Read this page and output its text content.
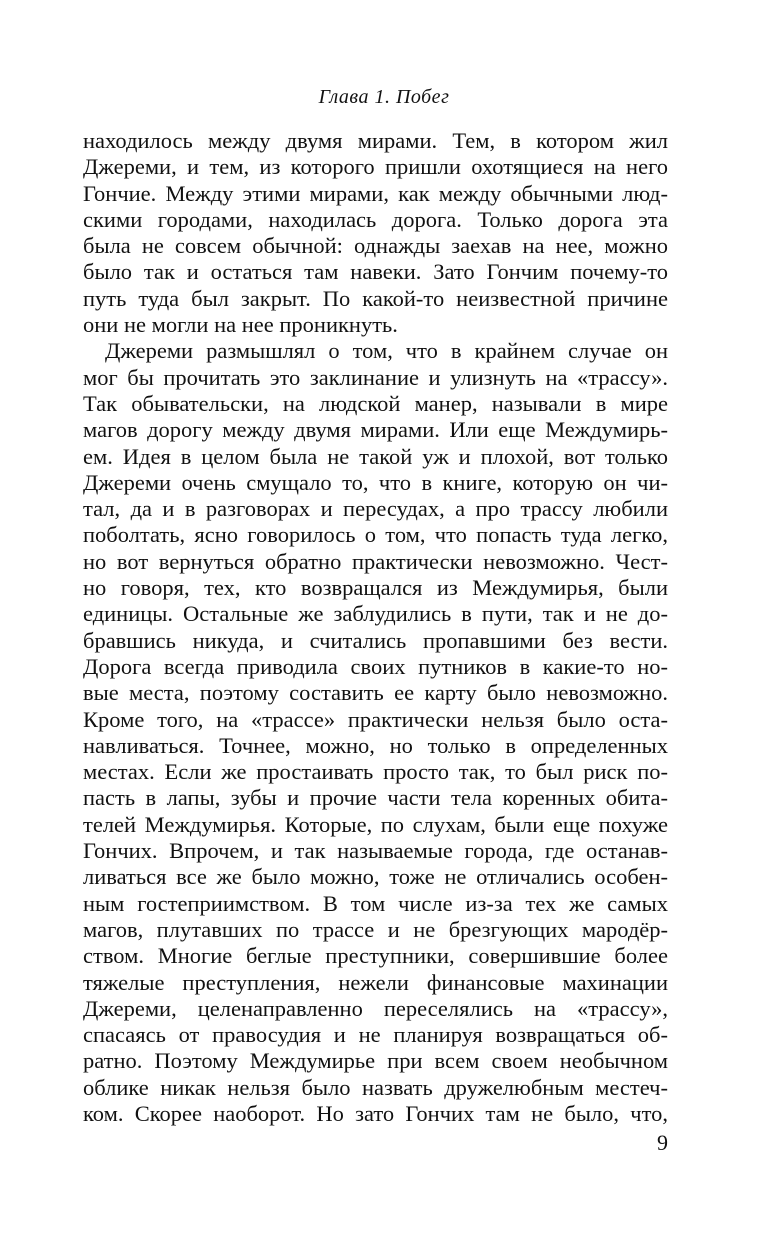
Глава 1. Побег
находилось между двумя мирами. Тем, в котором жил
Джереми, и тем, из которого пришли охотящиеся на него
Гончие. Между этими мирами, как между обычными люд-
скими городами, находилась дорога. Только дорога эта
была не совсем обычной: однажды заехав на нее, можно
было так и остаться там навеки. Зато Гончим почему-то
путь туда был закрыт. По какой-то неизвестной причине
они не могли на нее проникнуть.
Джереми размышлял о том, что в крайнем случае он
мог бы прочитать это заклинание и улизнуть на «трассу».
Так обывательски, на людской манер, называли в мире
магов дорогу между двумя мирами. Или еще Междумирь-
ем. Идея в целом была не такой уж и плохой, вот только
Джереми очень смущало то, что в книге, которую он чи-
тал, да и в разговорах и пересудах, а про трассу любили
поболтать, ясно говорилось о том, что попасть туда легко,
но вот вернуться обратно практически невозможно. Чест-
но говоря, тех, кто возвращался из Междумирья, были
единицы. Остальные же заблудились в пути, так и не до-
бравшись никуда, и считались пропавшими без вести.
Дорога всегда приводила своих путников в какие-то но-
вые места, поэтому составить ее карту было невозможно.
Кроме того, на «трассе» практически нельзя было оста-
навливаться. Точнее, можно, но только в определенных
местах. Если же простаивать просто так, то был риск по-
пасть в лапы, зубы и прочие части тела коренных обита-
телей Междумирья. Которые, по слухам, были еще похуже
Гончих. Впрочем, и так называемые города, где останав-
ливаться все же было можно, тоже не отличались особен-
ным гостеприимством. В том числе из-за тех же самых
магов, плутавших по трассе и не брезгующих мародёр-
ством. Многие беглые преступники, совершившие более
тяжелые преступления, нежели финансовые махинации
Джереми, целенаправленно переселялись на «трассу»,
спасаясь от правосудия и не планируя возвращаться об-
ратно. Поэтому Междумирье при всем своем необычном
облике никак нельзя было назвать дружелюбным местеч-
ком. Скорее наоборот. Но зато Гончих там не было, что,
9
